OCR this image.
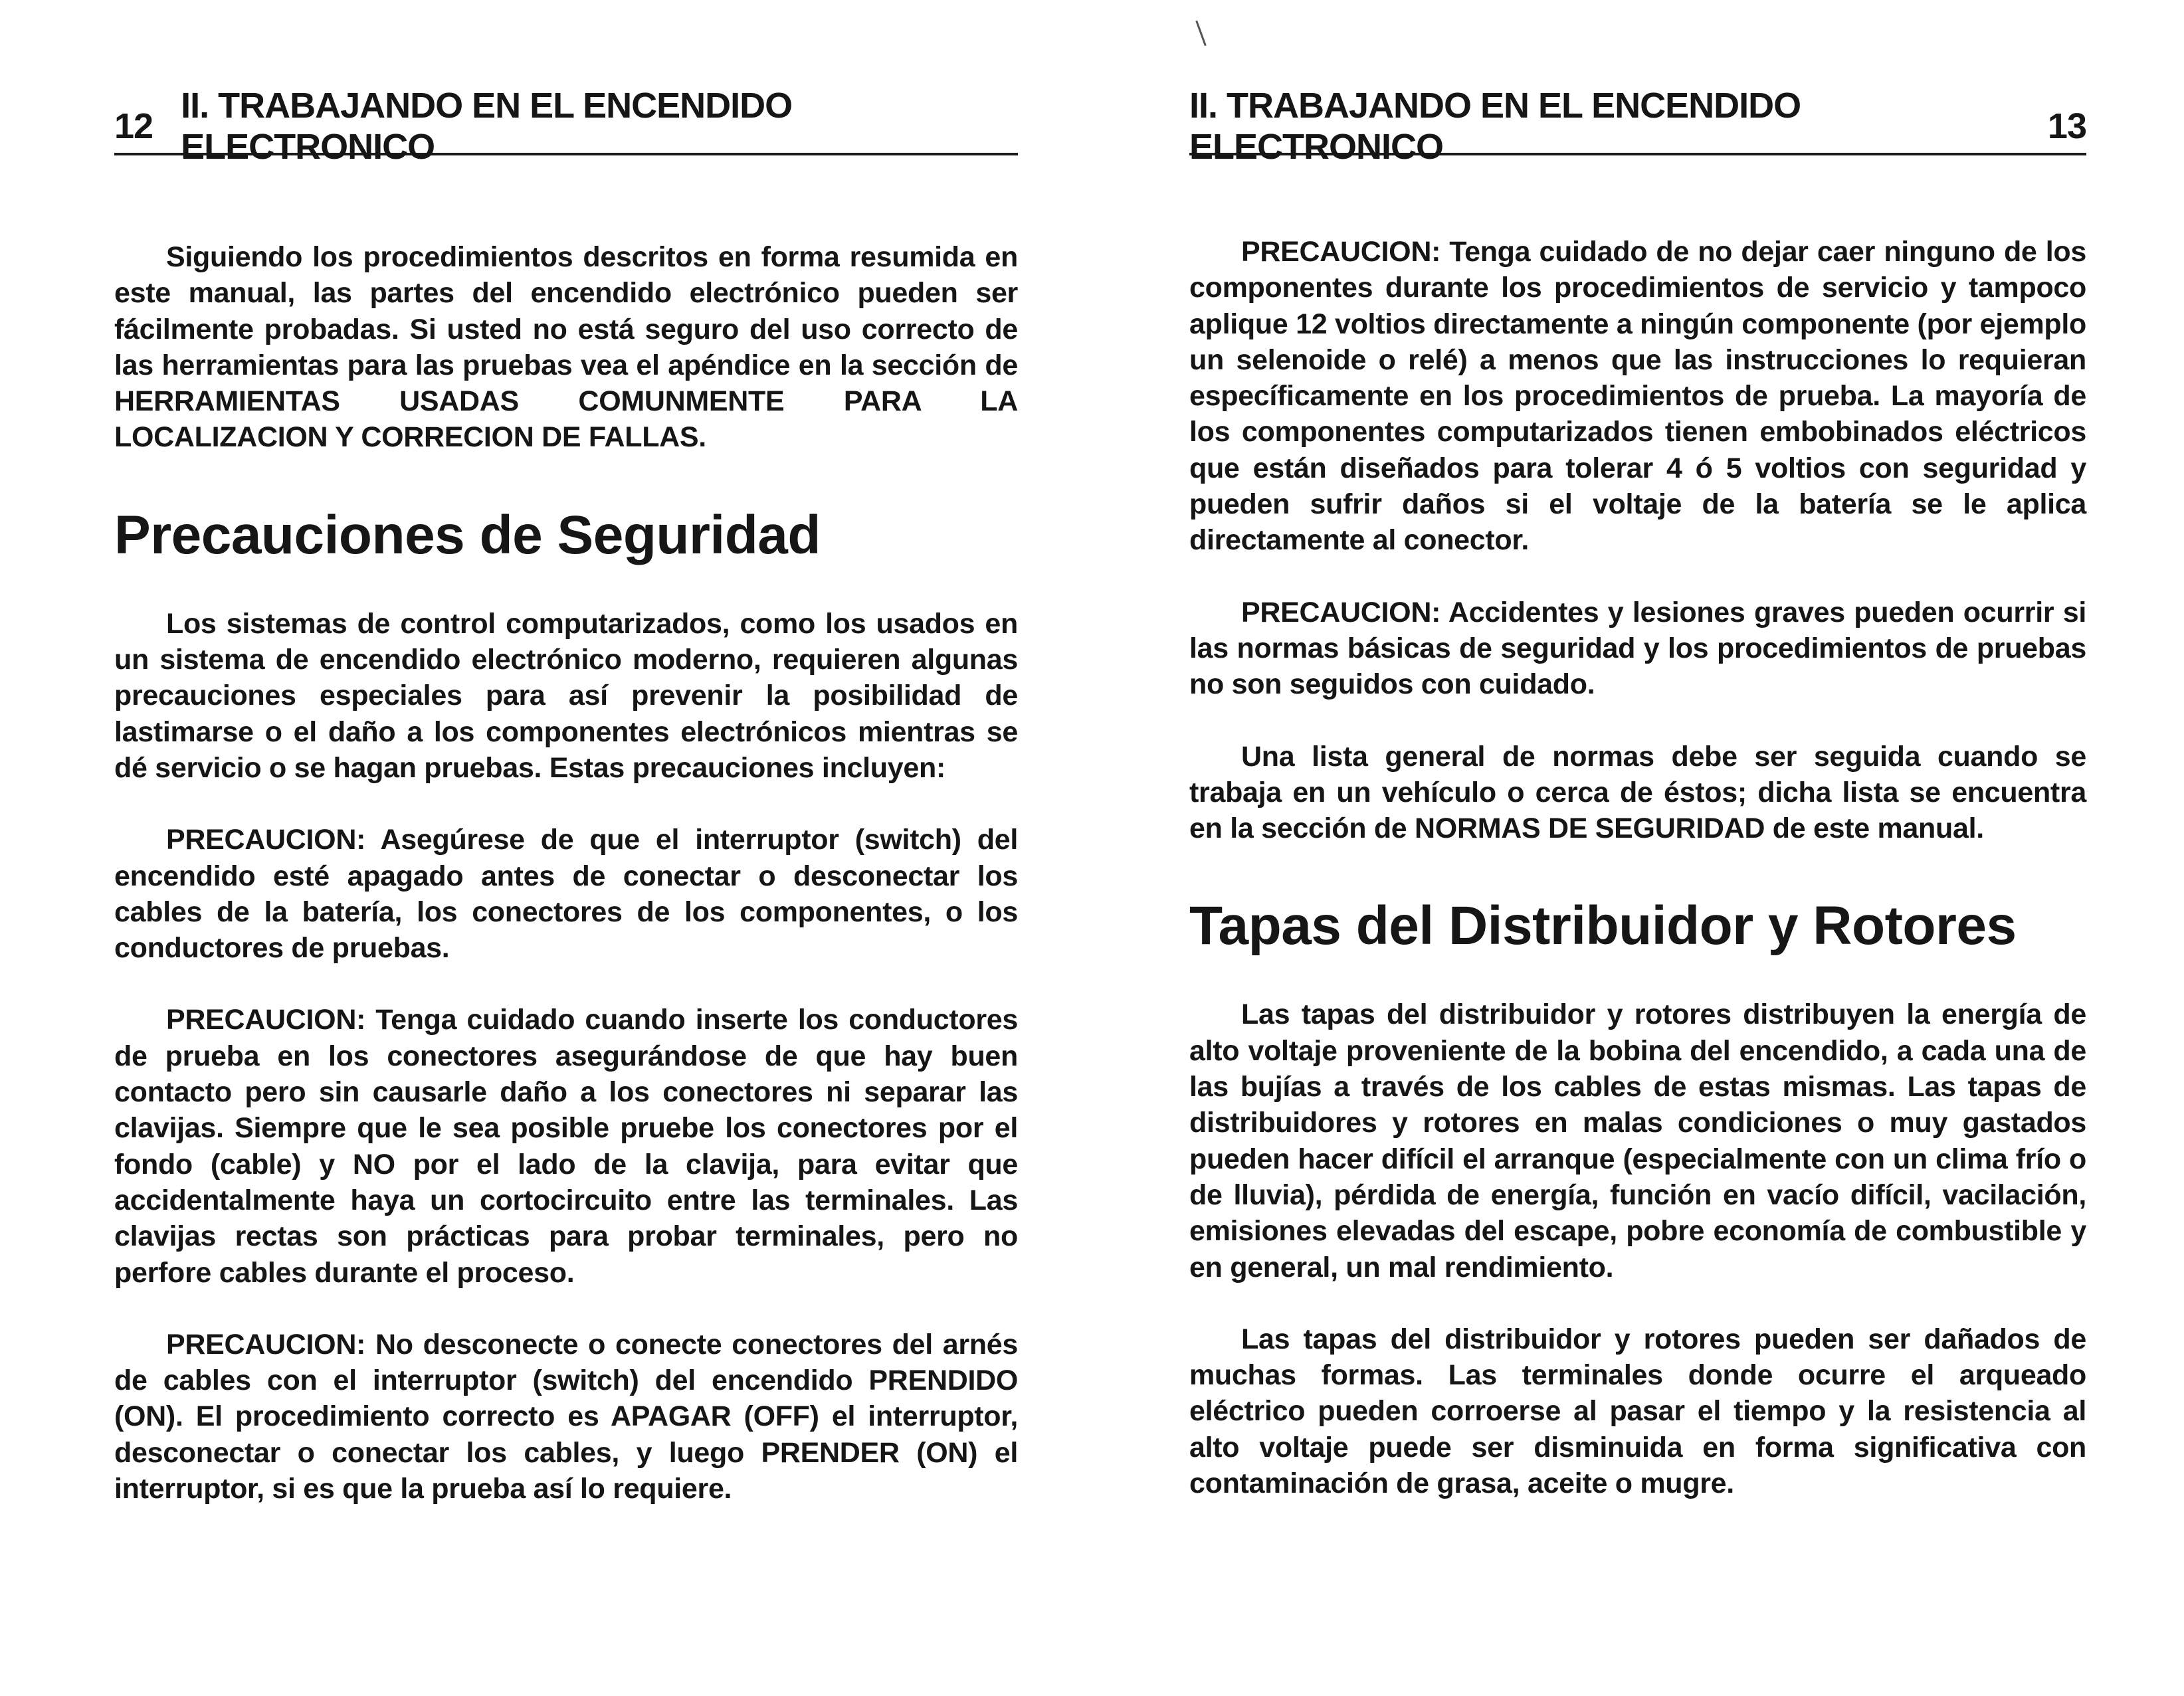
12
II. TRABAJANDO EN EL ENCENDIDO ELECTRONICO

Siguiendo los procedimientos descritos en forma resumida en este manual, las partes del encendido electrónico pueden ser fácilmente probadas. Si usted no está seguro del uso correcto de las herramientas para las pruebas vea el apéndice en la sección de HERRAMIENTAS USADAS COMUNMENTE PARA LA LOCALIZACION Y CORRECION DE FALLAS.

Precauciones de Seguridad

Los sistemas de control computarizados, como los usados en un sistema de encendido electrónico moderno, requieren algunas precauciones especiales para así prevenir la posibilidad de lastimarse o el daño a los componentes electrónicos mientras se dé servicio o se hagan pruebas. Estas precauciones incluyen:

PRECAUCION: Asegúrese de que el interruptor (switch) del encendido esté apagado antes de conectar o desconectar los cables de la batería, los conectores de los componentes, o los conductores de pruebas.

PRECAUCION: Tenga cuidado cuando inserte los conductores de prueba en los conectores asegurándose de que hay buen contacto pero sin causarle daño a los conectores ni separar las clavijas. Siempre que le sea posible pruebe los conectores por el fondo (cable) y NO por el lado de la clavija, para evitar que accidentalmente haya un cortocircuito entre las terminales. Las clavijas rectas son prácticas para probar terminales, pero no perfore cables durante el proceso.

PRECAUCION: No desconecte o conecte conectores del arnés de cables con el interruptor (switch) del encendido PRENDIDO (ON). El procedimiento correcto es APAGAR (OFF) el interruptor, desconectar o conectar los cables, y luego PRENDER (ON) el interruptor, si es que la prueba así lo requiere.

II. TRABAJANDO EN EL ENCENDIDO ELECTRONICO
13

PRECAUCION: Tenga cuidado de no dejar caer ninguno de los componentes durante los procedimientos de servicio y tampoco aplique 12 voltios directamente a ningún componente (por ejemplo un selenoide o relé) a menos que las instrucciones lo requieran específicamente en los procedimientos de prueba. La mayoría de los componentes computarizados tienen embobinados eléctricos que están diseñados para tolerar 4 ó 5 voltios con seguridad y pueden sufrir daños si el voltaje de la batería se le aplica directamente al conector.

PRECAUCION: Accidentes y lesiones graves pueden ocurrir si las normas básicas de seguridad y los procedimientos de pruebas no son seguidos con cuidado.

Una lista general de normas debe ser seguida cuando se trabaja en un vehículo o cerca de éstos; dicha lista se encuentra en la sección de NORMAS DE SEGURIDAD de este manual.

Tapas del Distribuidor y Rotores

Las tapas del distribuidor y rotores distribuyen la energía de alto voltaje proveniente de la bobina del encendido, a cada una de las bujías a través de los cables de estas mismas. Las tapas de distribuidores y rotores en malas condiciones o muy gastados pueden hacer difícil el arranque (especialmente con un clima frío o de lluvia), pérdida de energía, función en vacío difícil, vacilación, emisiones elevadas del escape, pobre economía de combustible y en general, un mal rendimiento.

Las tapas del distribuidor y rotores pueden ser dañados de muchas formas. Las terminales donde ocurre el arqueado eléctrico pueden corroerse al pasar el tiempo y la resistencia al alto voltaje puede ser disminuida en forma significativa con contaminación de grasa, aceite o mugre.
